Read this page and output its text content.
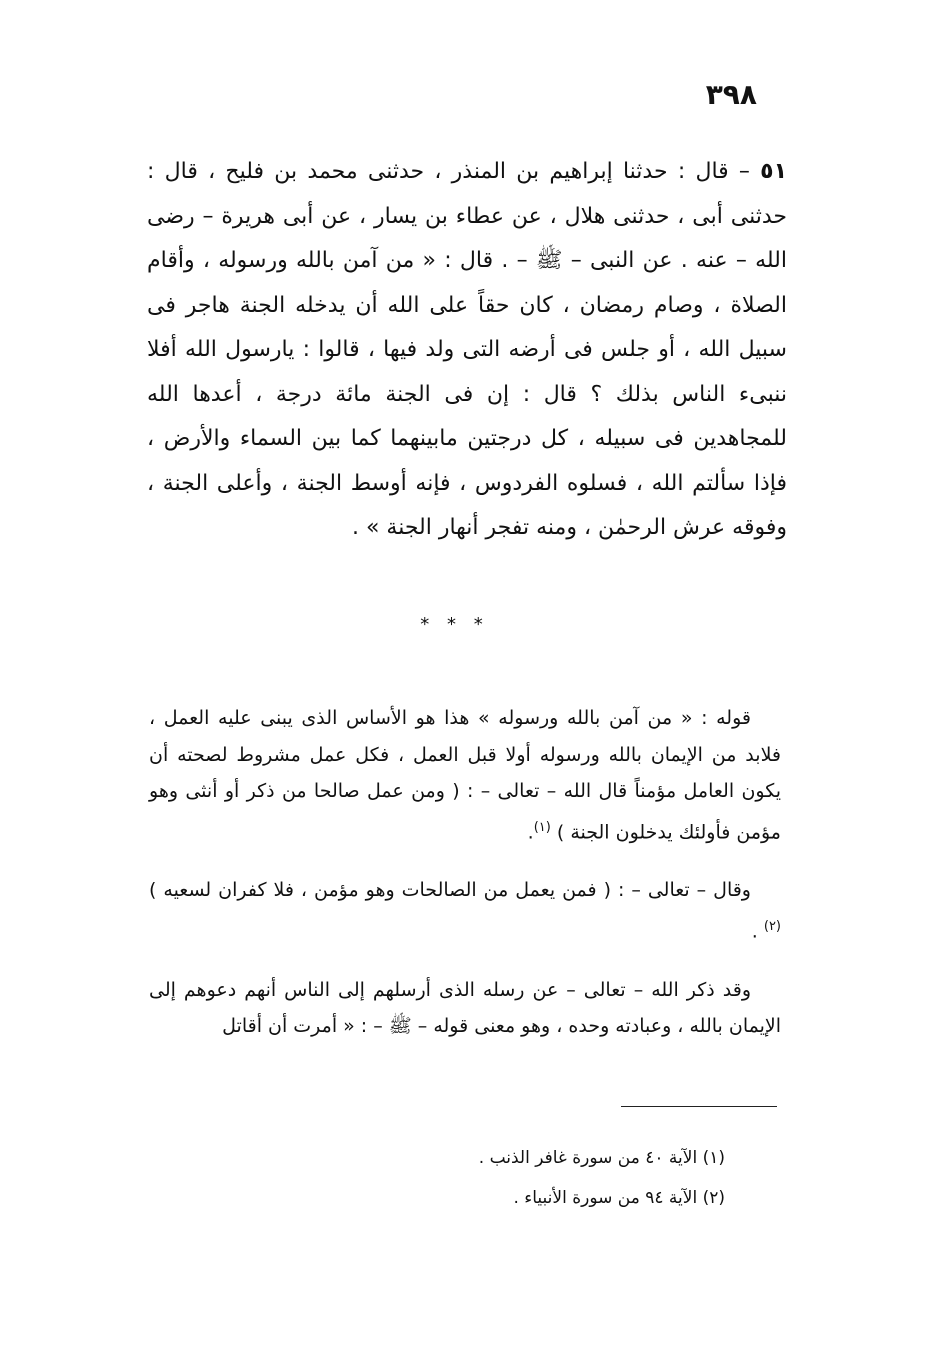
٣٩٨
٥١ – قال : حدثنا إبراهيم بن المنذر ، حدثنى محمد بن فليح ، قال : حدثنى أبى ، حدثنى هلال ، عن عطاء بن يسار ، عن أبى هريرة – رضى الله – عنه . عن النبى – ﷺ – . قال : « من آمن بالله ورسوله ، وأقام الصلاة ، وصام رمضان ، كان حقاً على الله أن يدخله الجنة هاجر فى سبيل الله ، أو جلس فى أرضه التى ولد فيها ، قالوا : يارسول الله أفلا ننبىء الناس بذلك ؟ قال : إن فى الجنة مائة درجة ، أعدها الله للمجاهدين فى سبيله ، كل درجتين مابينهما كما بين السماء والأرض ، فإذا سألتم الله ، فسلوه الفردوس ، فإنه أوسط الجنة ، وأعلى الجنة ، وفوقه عرش الرحمٰن ، ومنه تفجر أنهار الجنة » .
* * *

قوله : « من آمن بالله ورسوله » هذا هو الأساس الذى يبنى عليه العمل ، فلابد من الإيمان بالله ورسوله أولا قبل العمل ، فكل عمل مشروط لصحته أن يكون العامل مؤمناً قال الله – تعالى – : ( ومن عمل صالحا من ذكر أو أنثى وهو مؤمن فأولئك يدخلون الجنة ) $^{(١)}$.

وقال – تعالى – : ( فمن يعمل من الصالحات وهو مؤمن ، فلا كفران لسعيه ) $^{(٢)}$ .

وقد ذكر الله – تعالى – عن رسله الذى أرسلهم إلى الناس أنهم دعوهم إلى الإيمان بالله ، وعبادته وحده ، وهو معنى قوله – ﷺ – : « أمرت أن أقاتل

(١) الآية ٤٠ من سورة غافر الذنب .
(٢) الآية ٩٤ من سورة الأنبياء .
